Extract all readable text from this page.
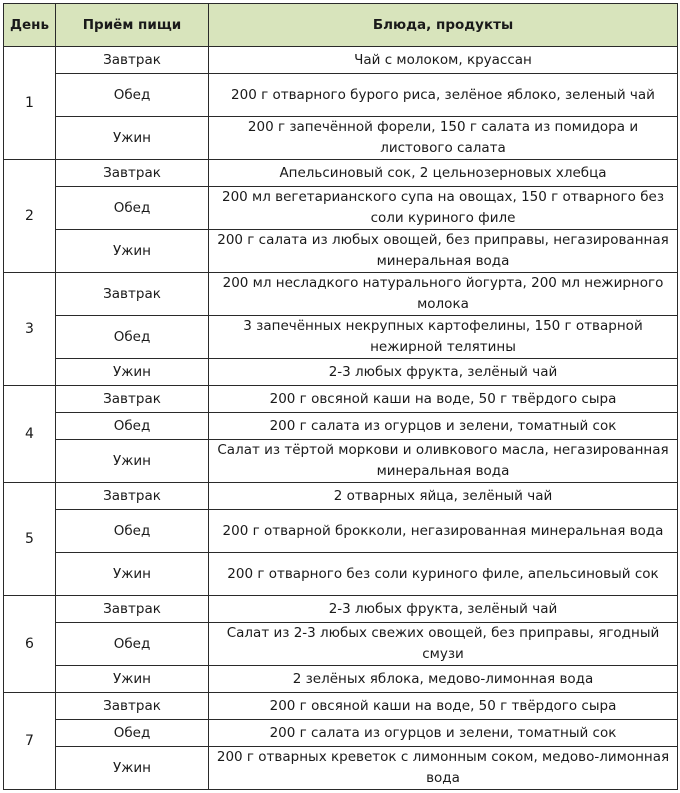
День	Приём пищи	Блюда, продукты
1	Завтрак	Чай с молоком, круассан
	Обед	200 г отварного бурого риса, зелёное яблоко, зеленый чай
	Ужин	200 г запечённой форели, 150 г салата из помидора и листового салата
2	Завтрак	Апельсиновый сок, 2 цельнозерновых хлебца
	Обед	200 мл вегетарианского супа на овощах, 150 г отварного без соли куриного филе
	Ужин	200 г салата из любых овощей, без приправы, негазированная минеральная вода
3	Завтрак	200 мл несладкого натурального йогурта, 200 мл нежирного молока
	Обед	3 запечённых некрупных картофелины, 150 г отварной нежирной телятины
	Ужин	2-3 любых фрукта, зелёный чай
4	Завтрак	200 г овсяной каши на воде, 50 г твёрдого сыра
	Обед	200 г салата из огурцов и зелени, томатный сок
	Ужин	Салат из тёртой моркови и оливкового масла, негазированная минеральная вода
5	Завтрак	2 отварных яйца, зелёный чай
	Обед	200 г отварной брокколи, негазированная минеральная вода
	Ужин	200 г отварного без соли куриного филе, апельсиновый сок
6	Завтрак	2-3 любых фрукта, зелёный чай
	Обед	Салат из 2-3 любых свежих овощей, без приправы, ягодный смузи
	Ужин	2 зелёных яблока, медово-лимонная вода
7	Завтрак	200 г овсяной каши на воде, 50 г твёрдого сыра
	Обед	200 г салата из огурцов и зелени, томатный сок
	Ужин	200 г отварных креветок с лимонным соком, медово-лимонная вода
